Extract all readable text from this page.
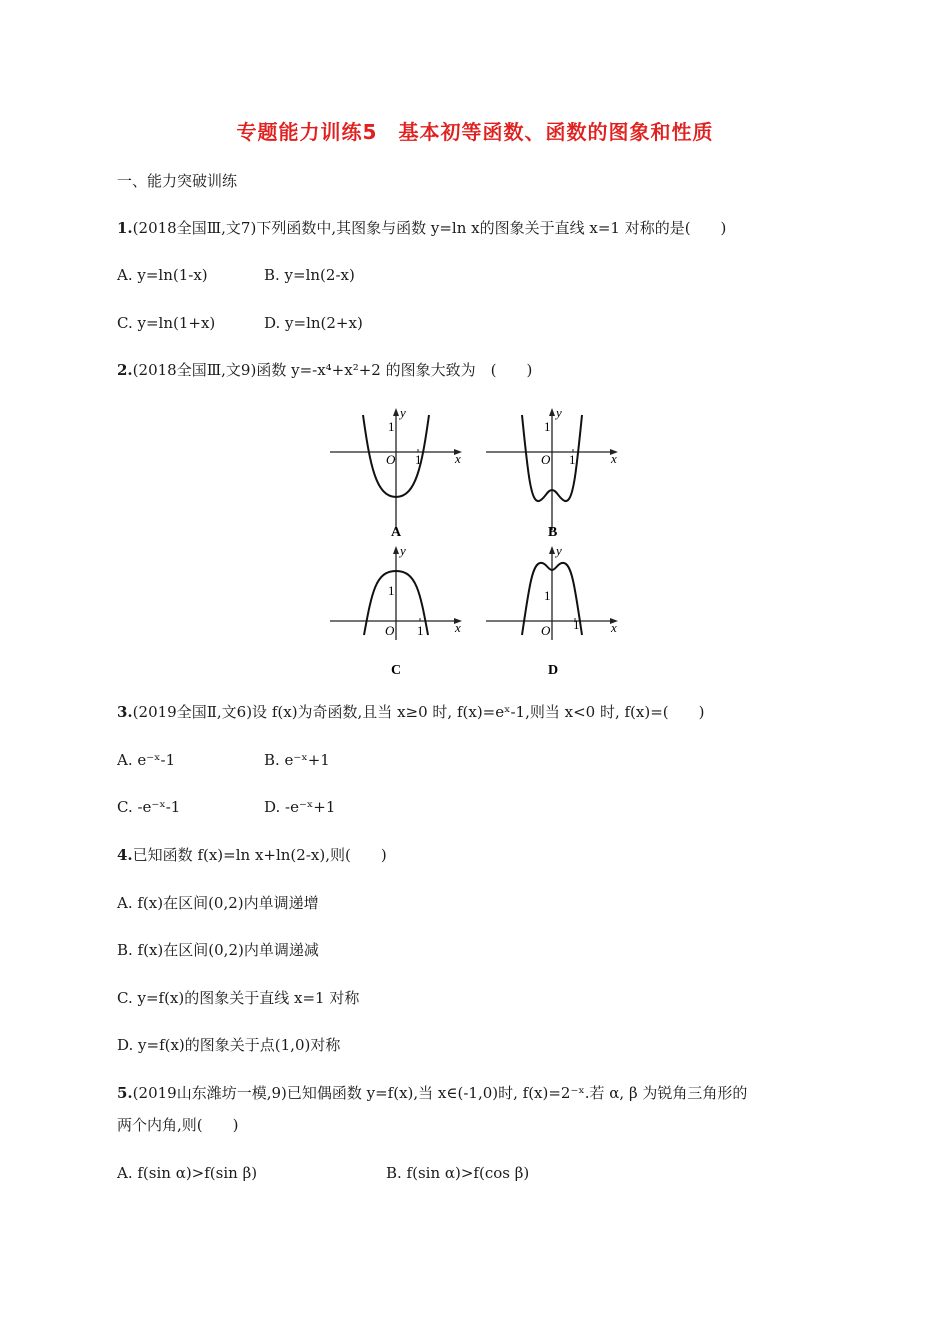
专题能力训练5　基本初等函数、函数的图象和性质
一、能力突破训练
1.(2018全国Ⅲ,文7)下列函数中,其图象与函数 y=ln x的图象关于直线 x=1 对称的是(　　)
A. y=ln(1-x)	B. y=ln(2-x)
C. y=ln(1+x)	D. y=ln(2+x)
2.(2018全国Ⅲ,文9)函数 y=-x⁴+x²+2 的图象大致为　(　　)
O 1
1
x
y
A
O 1
1
x
y
B
O 1
1
x
y
C
O 1
1
x
y
D
3.(2019全国Ⅱ,文6)设 f(x)为奇函数,且当 x≥0 时, f(x)=eˣ-1,则当 x<0 时, f(x)=(　　)
A. e⁻ˣ-1	B. e⁻ˣ+1
C. -e⁻ˣ-1	D. -e⁻ˣ+1
4.已知函数 f(x)=ln x+ln(2-x),则(　　)
A. f(x)在区间(0,2)内单调递增
B. f(x)在区间(0,2)内单调递减
C. y=f(x)的图象关于直线 x=1 对称
D. y=f(x)的图象关于点(1,0)对称
5.(2019山东潍坊一模,9)已知偶函数 y=f(x),当 x∈(-1,0)时, f(x)=2⁻ˣ.若 α, β 为锐角三角形的
两个内角,则(　　)
A. f(sin α)>f(sin β)	B. f(sin α)>f(cos β)
